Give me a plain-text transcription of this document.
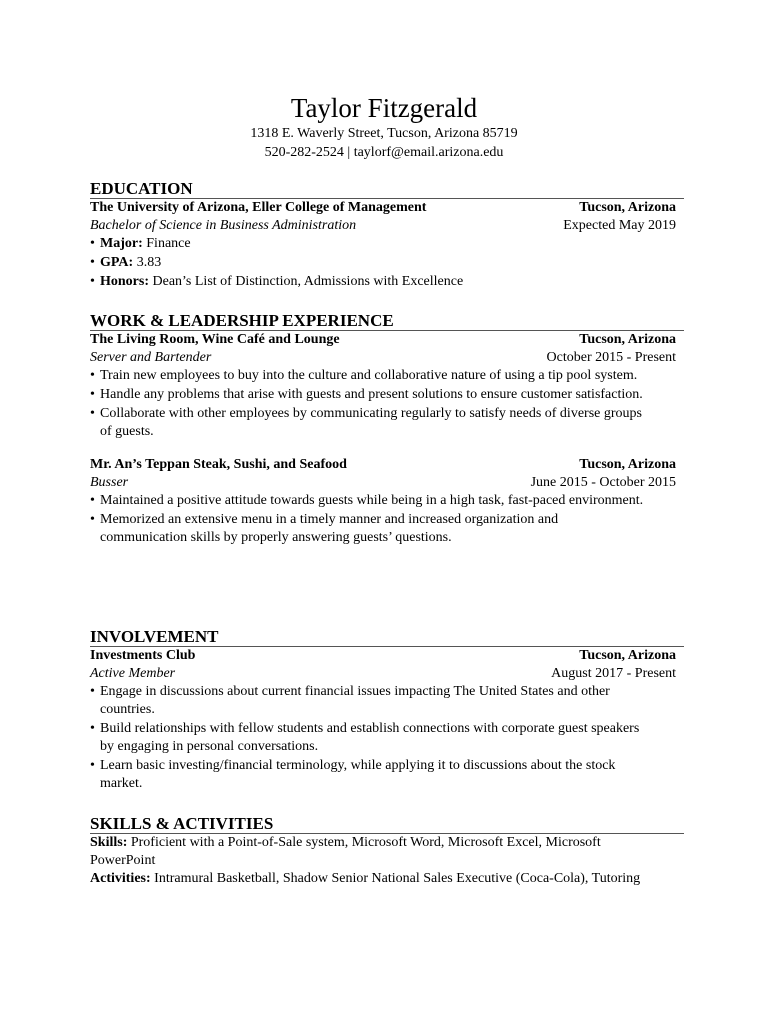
Taylor Fitzgerald
1318 E. Waverly Street, Tucson, Arizona 85719
520-282-2524 | taylorf@email.arizona.edu
EDUCATION
The University of Arizona, Eller College of Management	Tucson, Arizona
Bachelor of Science in Business Administration	Expected May 2019
• Major: Finance
• GPA: 3.83
• Honors: Dean’s List of Distinction, Admissions with Excellence
WORK & LEADERSHIP EXPERIENCE
The Living Room, Wine Café and Lounge	Tucson, Arizona
Server and Bartender	October 2015 - Present
• Train new employees to buy into the culture and collaborative nature of using a tip pool system.
• Handle any problems that arise with guests and present solutions to ensure customer satisfaction.
• Collaborate with other employees by communicating regularly to satisfy needs of diverse groups of guests.
Mr. An’s Teppan Steak, Sushi, and Seafood	Tucson, Arizona
Busser	June 2015 - October 2015
• Maintained a positive attitude towards guests while being in a high task, fast-paced environment.
• Memorized an extensive menu in a timely manner and increased organization and communication skills by properly answering guests’ questions.
INVOLVEMENT
Investments Club	Tucson, Arizona
Active Member	August 2017 - Present
• Engage in discussions about current financial issues impacting The United States and other countries.
• Build relationships with fellow students and establish connections with corporate guest speakers by engaging in personal conversations.
• Learn basic investing/financial terminology, while applying it to discussions about the stock market.
SKILLS & ACTIVITIES
Skills: Proficient with a Point-of-Sale system, Microsoft Word, Microsoft Excel, Microsoft PowerPoint
Activities: Intramural Basketball, Shadow Senior National Sales Executive (Coca-Cola), Tutoring
